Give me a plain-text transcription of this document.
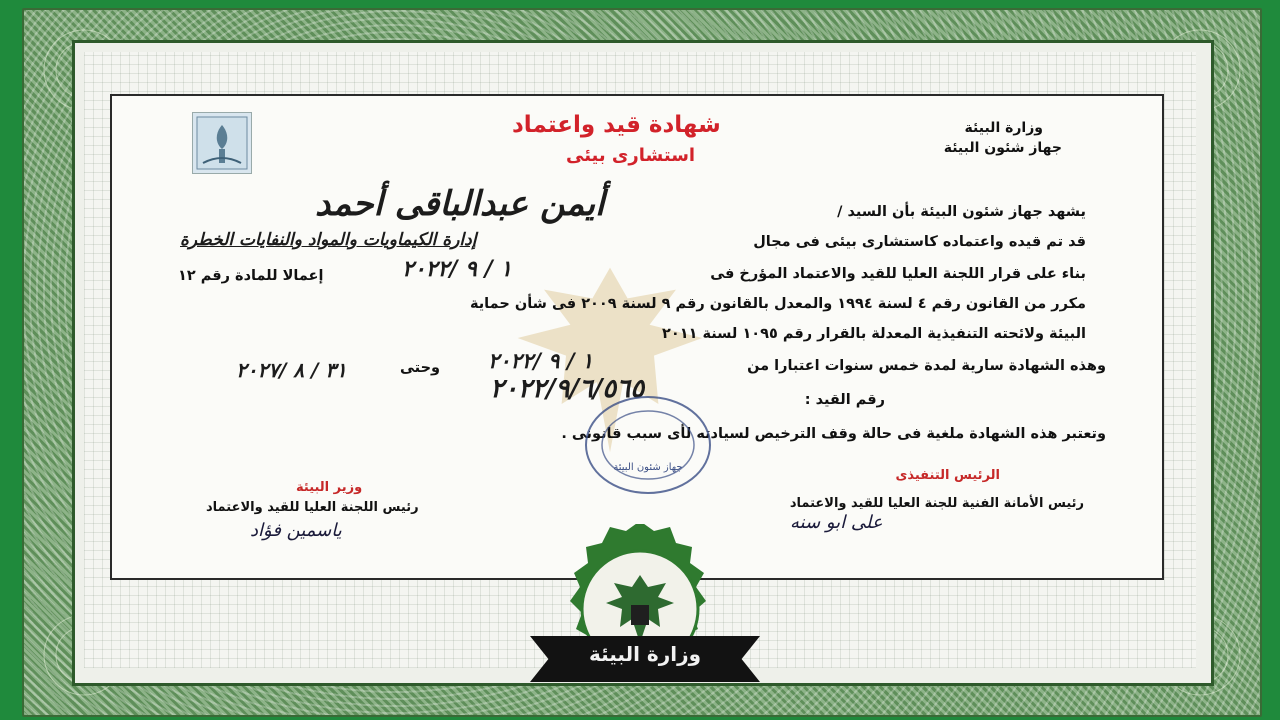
وزارة البيئة
جهاز شئون البيئة
شهادة قيد واعتماد
استشارى بيئى
يشهد جهاز شئون البيئة بأن السيد /
أيمن عبدالباقى أحمد
قد تم قيده واعتماده كاستشارى بيئى فى مجال
إدارة الكيماويات والمواد والنفايات الخطرة
بناء على قرار اللجنة العليا للقيد والاعتماد المؤرخ فى
١ / ٩ /٢٠٢٢
إعمالا للمادة رقم ١٢
مكرر من القانون رقم ٤ لسنة ١٩٩٤ والمعدل بالقانون رقم ٩ لسنة ٢٠٠٩ فى شأن حماية
البيئة ولائحته التنفيذية المعدلة بالقرار رقم ١٠٩٥ لسنة ٢٠١١
وهذه الشهادة سارية لمدة خمس سنوات اعتبارا من
١ / ٩ /٢٠٢٢
وحتى
٣١ / ٨ /٢٠٢٧
رقم القيد :
٢٠٢٢/٩/٦/٥٦٥
وتعتبر هذه الشهادة ملغية فى حالة وقف الترخيص لسيادته لأى سبب قانونى .
جهاز شئون البيئة
الرئيس التنفيذى
رئيس الأمانة الفنية للجنة العليا للقيد والاعتماد
على ابو سنه
وزير البيئة
رئيس اللجنة العليا للقيد والاعتماد
ياسمين فؤاد
وزارة البيئة
